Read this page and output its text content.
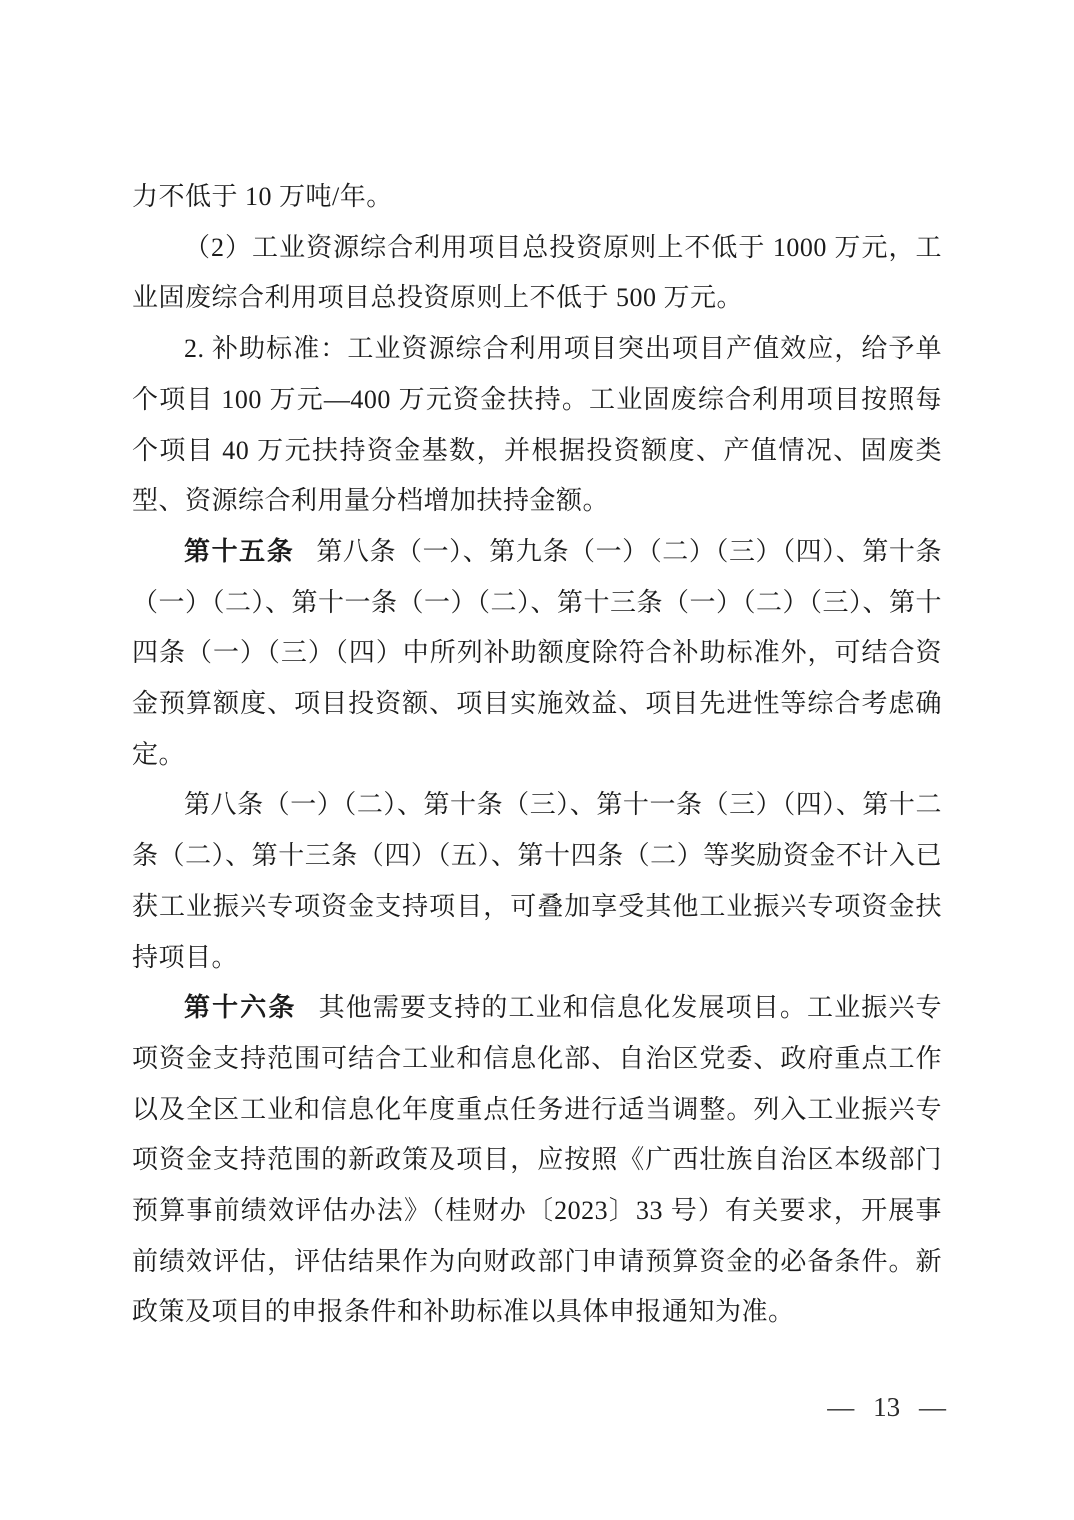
力不低于 10 万吨/年。

（2）工业资源综合利用项目总投资原则上不低于 1000 万元，工业固废综合利用项目总投资原则上不低于 500 万元。

2. 补助标准：工业资源综合利用项目突出项目产值效应，给予单个项目 100 万元—400 万元资金扶持。工业固废综合利用项目按照每个项目 40 万元扶持资金基数，并根据投资额度、产值情况、固废类型、资源综合利用量分档增加扶持金额。

第十五条 第八条（一）、第九条（一）（二）（三）（四）、第十条（一）（二）、第十一条（一）（二）、第十三条（一）（二）（三）、第十四条（一）（三）（四）中所列补助额度除符合补助标准外，可结合资金预算额度、项目投资额、项目实施效益、项目先进性等综合考虑确定。

第八条（一）（二）、第十条（三）、第十一条（三）（四）、第十二条（二）、第十三条（四）（五）、第十四条（二）等奖励资金不计入已获工业振兴专项资金支持项目，可叠加享受其他工业振兴专项资金扶持项目。

第十六条 其他需要支持的工业和信息化发展项目。工业振兴专项资金支持范围可结合工业和信息化部、自治区党委、政府重点工作以及全区工业和信息化年度重点任务进行适当调整。列入工业振兴专项资金支持范围的新政策及项目，应按照《广西壮族自治区本级部门预算事前绩效评估办法》（桂财办〔2023〕33 号）有关要求，开展事前绩效评估，评估结果作为向财政部门申请预算资金的必备条件。新政策及项目的申报条件和补助标准以具体申报通知为准。

— 13 —
